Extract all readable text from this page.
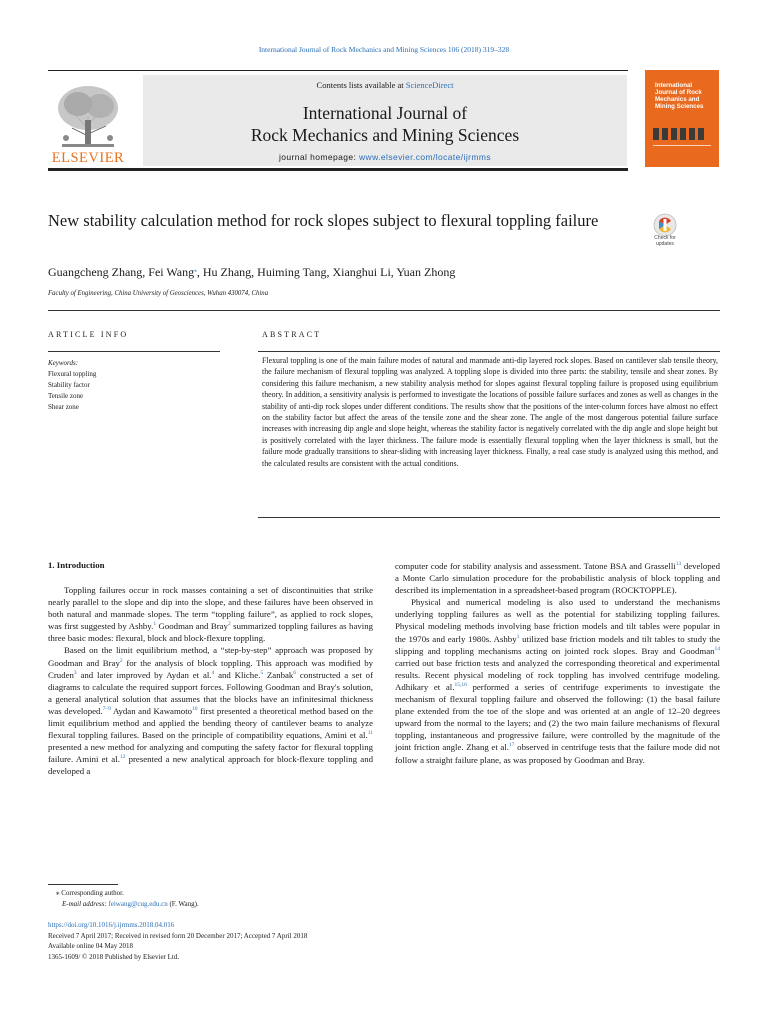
International Journal of Rock Mechanics and Mining Sciences 106 (2018) 319–328
ELSEVIER
Contents lists available at ScienceDirect
International Journal of
Rock Mechanics and Mining Sciences
journal homepage: www.elsevier.com/locate/ijrmms
International Journal of Rock Mechanics and Mining Sciences
New stability calculation method for rock slopes subject to flexural toppling failure
Check for
updates
Guangcheng Zhang, Fei Wang⁎, Hu Zhang, Huiming Tang, Xianghui Li, Yuan Zhong
Faculty of Engineering, China University of Geosciences, Wuhan 430074, China
ARTICLE INFO	ABSTRACT
Keywords:
Flexural toppling
Stability factor
Tensile zone
Shear zone
Flexural toppling is one of the main failure modes of natural and manmade anti-dip layered rock slopes. Based on cantilever slab tensile theory, the failure mechanism of flexural toppling was analyzed. A toppling slope is divided into three parts: the stability, tensile and shear zones. By considering this failure mechanism, a new stability analysis method for slopes against flexural toppling failure is proposed using equilibrium theory. In addition, a sensitivity analysis is performed to investigate the locations of possible failure surfaces and zones as well as changes in the stability of anti-dip rock slopes under different conditions. The results show that the positions of the inter-column forces have almost no effect on the stability factor but affect the areas of the tensile zone and the shear zone. The angle of the most dangerous potential failure surface increases with increasing dip angle and slope height, whereas the stability factor is negatively correlated with the dip angle and slope height but is positively correlated with the layer thickness. The failure mode is essentially flexural toppling when the layer thickness is small, but the failure mode gradually transitions to shear-sliding with increasing layer thickness. Finally, a real case study is analyzed using this method, and the calculated results are consistent with the actual conditions.
1. Introduction

Toppling failures occur in rock masses containing a set of discontinuities that strike nearly parallel to the slope and dip into the slope, and these failures have been observed in both natural and manmade slopes. The term “toppling failure”, as applied to rock slopes, was first suggested by Ashby.$^1$ Goodman and Bray$^2$ summarized toppling failures as having three basic modes: flexural, block and block-flexure toppling.

Based on the limit equilibrium method, a “step-by-step” approach was proposed by Goodman and Bray$^2$ for the analysis of block toppling. This approach was modified by Cruden$^3$ and later improved by Aydan et al.$^4$ and Kliche.$^5$ Zanbak$^6$ constructed a set of diagrams to calculate the required support forces. Following Goodman and Bray's solution, a general analytical solution that assumes that the blocks have an infinitesimal thickness was developed.$^{7-9}$ Aydan and Kawamoto$^{10}$ first presented a theoretical method based on the limit equilibrium method and applied the bending theory of cantilever beams to analyze flexural toppling failures. Based on the principle of compatibility equations, Amini et al.$^{11}$ presented a new method for analyzing and computing the safety factor for flexural toppling failure. Amini et al.$^{12}$ presented a new analytical approach for block-flexure toppling and developed a

computer code for stability analysis and assessment. Tatone BSA and Grasselli$^{13}$ developed a Monte Carlo simulation procedure for the probabilistic analysis of block toppling and described its implementation in a spreadsheet-based program (ROCKTOPPLE).

Physical and numerical modeling is also used to understand the mechanisms underlying toppling failures as well as the potential for stabilizing toppling failures. Physical modeling methods involving base friction models and tilt tables were popular in the 1970s and early 1980s. Ashby$^1$ utilized base friction models and tilt tables to study the slipping and toppling mechanisms acting on jointed rock slopes. Bray and Goodman$^{14}$ carried out base friction tests and analyzed the corresponding theoretical and experimental results. Recent physical modeling of rock toppling has involved centrifuge modeling. Adhikary et al.$^{15,16}$ performed a series of centrifuge experiments to investigate the mechanism of flexural toppling failure and observed the following: (1) the basal failure plane extended from the toe of the slope and was oriented at an angle of 12–20 degrees upward from the normal to the layers; and (2) the two main failure mechanisms of flexural toppling, instantaneous and progressive failure, were controlled by the magnitude of the joint friction angle. Zhang et al.$^{17}$ observed in centrifuge tests that the failure mode did not follow a straight failure plane, as was proposed by Goodman and Bray.

⁎ Corresponding author.
E-mail address: feiwang@cug.edu.cn (F. Wang).
https://doi.org/10.1016/j.ijrmms.2018.04.016
Received 7 April 2017; Received in revised form 20 December 2017; Accepted 7 April 2018
Available online 04 May 2018
1365-1609/ © 2018 Published by Elsevier Ltd.
